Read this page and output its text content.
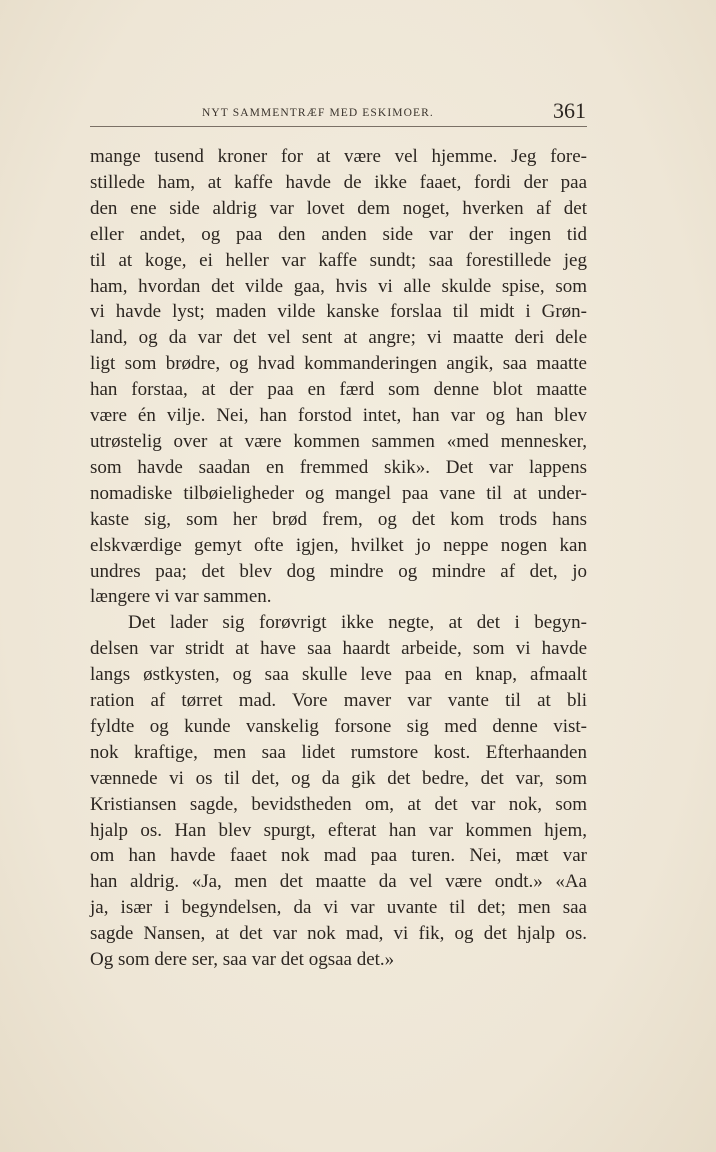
NYT SAMMENTRÆF MED ESKIMOER.	361
mange tusend kroner for at være vel hjemme. Jeg fore-
stillede ham, at kaffe havde de ikke faaet, fordi der paa
den ene side aldrig var lovet dem noget, hverken af det
eller andet, og paa den anden side var der ingen tid
til at koge, ei heller var kaffe sundt; saa forestillede jeg
ham, hvordan det vilde gaa, hvis vi alle skulde spise, som
vi havde lyst; maden vilde kanske forslaa til midt i Grøn-
land, og da var det vel sent at angre; vi maatte deri dele
ligt som brødre, og hvad kommanderingen angik, saa maatte
han forstaa, at der paa en færd som denne blot maatte
være én vilje. Nei, han forstod intet, han var og han blev
utrøstelig over at være kommen sammen «med mennesker,
som havde saadan en fremmed skik». Det var lappens
nomadiske tilbøieligheder og mangel paa vane til at under-
kaste sig, som her brød frem, og det kom trods hans
elskværdige gemyt ofte igjen, hvilket jo neppe nogen kan
undres paa; det blev dog mindre og mindre af det, jo
længere vi var sammen.
Det lader sig forøvrigt ikke negte, at det i begyn-
delsen var stridt at have saa haardt arbeide, som vi havde
langs østkysten, og saa skulle leve paa en knap, afmaalt
ration af tørret mad. Vore maver var vante til at bli
fyldte og kunde vanskelig forsone sig med denne vist-
nok kraftige, men saa lidet rumstore kost. Efterhaanden
vænnede vi os til det, og da gik det bedre, det var, som
Kristiansen sagde, bevidstheden om, at det var nok, som
hjalp os. Han blev spurgt, efterat han var kommen hjem,
om han havde faaet nok mad paa turen. Nei, mæt var
han aldrig. «Ja, men det maatte da vel være ondt.» «Aa
ja, især i begyndelsen, da vi var uvante til det; men saa
sagde Nansen, at det var nok mad, vi fik, og det hjalp os.
Og som dere ser, saa var det ogsaa det.»
